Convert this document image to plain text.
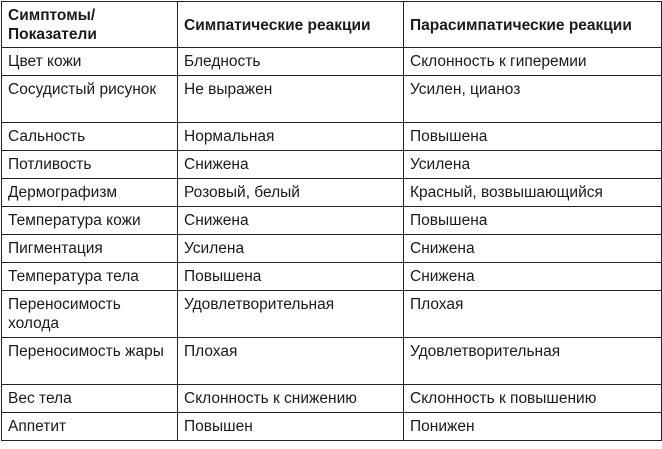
Симптомы/
Показатели	Симпатические реакции	Парасимпатические реакции
Цвет кожи	Бледность	Склонность к гиперемии
Сосудистый рисунок	Не выражен	Усилен, цианоз
Сальность	Нормальная	Повышена
Потливость	Снижена	Усилена
Дермографизм	Розовый, белый	Красный, возвышающийся
Температура кожи	Снижена	Повышена
Пигментация	Усилена	Снижена
Температура тела	Повышена	Снижена
Переносимость холода	Удовлетворительная	Плохая
Переносимость жары	Плохая	Удовлетворительная
Вес тела	Склонность к снижению	Склонность к повышению
Аппетит	Повышен	Понижен
